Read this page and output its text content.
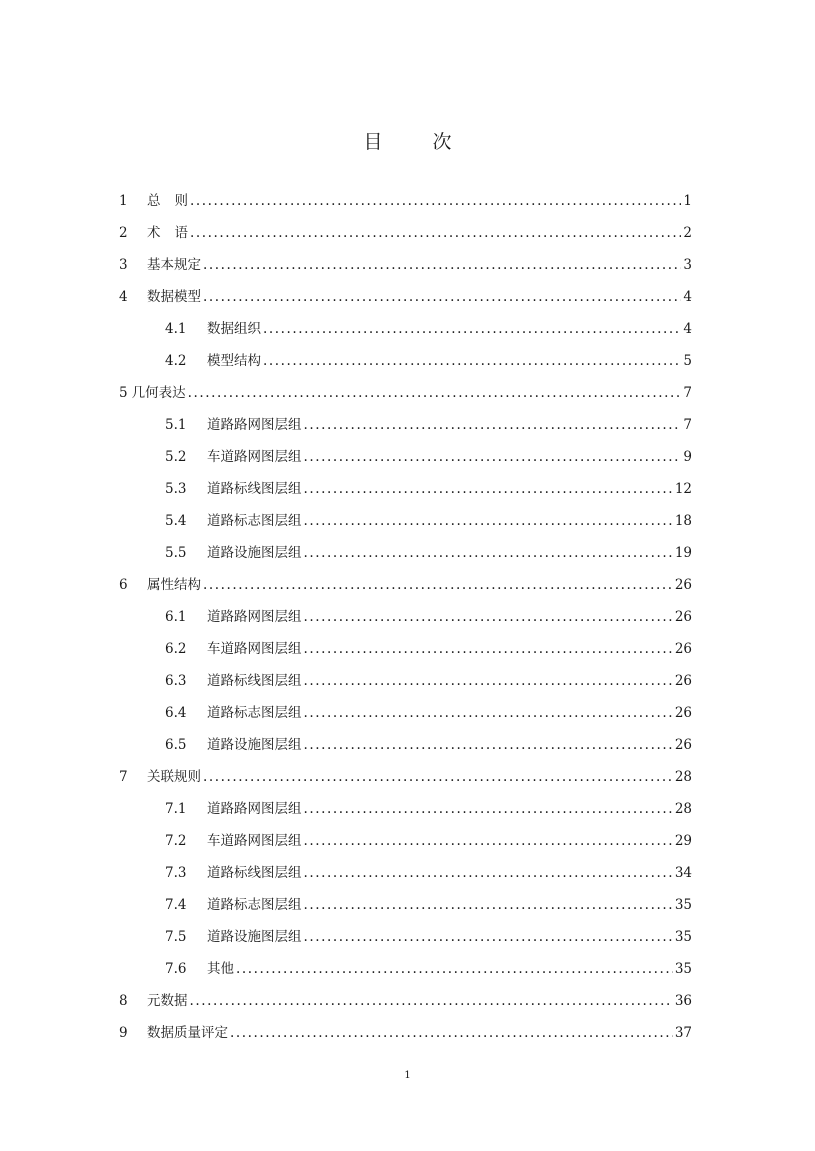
目 次
1	总则 . . .	1
2	术语 . . .	2
3	基本规定 . . .	3
4	数据模型 . . .	4
4.1	数据组织 . . .	4
4.2	模型结构 . . .	5
5 几何表达 . . .	7
5.1	道路路网图层组 . . .	7
5.2	车道路网图层组 . . .	9
5.3	道路标线图层组 . . .	12
5.4	道路标志图层组 . . .	18
5.5	道路设施图层组 . . .	19
6	属性结构 . . .	26
6.1	道路路网图层组 . . .	26
6.2	车道路网图层组 . . .	26
6.3	道路标线图层组 . . .	26
6.4	道路标志图层组 . . .	26
6.5	道路设施图层组 . . .	26
7	关联规则 . . .	28
7.1	道路路网图层组 . . .	28
7.2	车道路网图层组 . . .	29
7.3	道路标线图层组 . . .	34
7.4	道路标志图层组 . . .	35
7.5	道路设施图层组 . . .	35
7.6	其他 . . .	35
8	元数据 . . .	36
9	数据质量评定 . . .	37
1
